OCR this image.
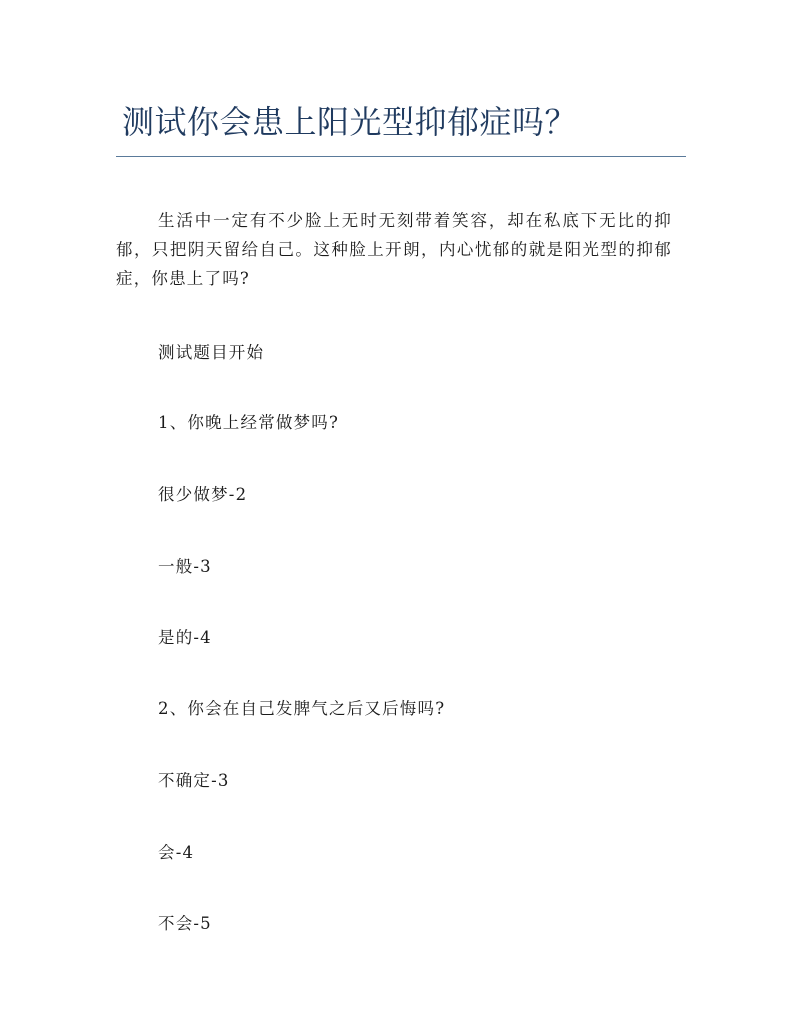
测试你会患上阳光型抑郁症吗？

生活中一定有不少脸上无时无刻带着笑容，却在私底下无比的抑郁，只把阴天留给自己。这种脸上开朗，内心忧郁的就是阳光型的抑郁症，你患上了吗?

测试题目开始

1、你晚上经常做梦吗?

很少做梦-2

一般-3

是的-4

2、你会在自己发脾气之后又后悔吗?

不确定-3

会-4

不会-5
